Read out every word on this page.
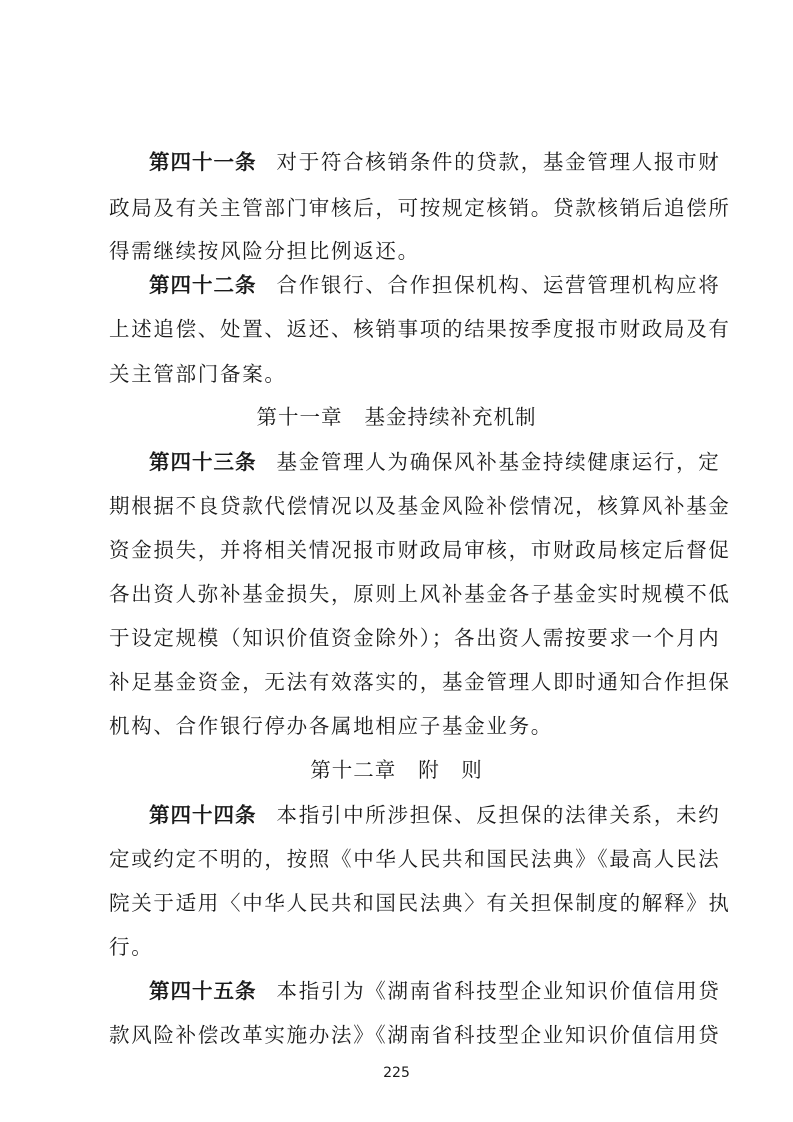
第四十一条 对于符合核销条件的贷款，基金管理人报市财
政局及有关主管部门审核后，可按规定核销。贷款核销后追偿所
得需继续按风险分担比例返还。
第四十二条 合作银行、合作担保机构、运营管理机构应将
上述追偿、处置、返还、核销事项的结果按季度报市财政局及有
关主管部门备案。
第十一章 基金持续补充机制
第四十三条 基金管理人为确保风补基金持续健康运行，定
期根据不良贷款代偿情况以及基金风险补偿情况，核算风补基金
资金损失，并将相关情况报市财政局审核，市财政局核定后督促
各出资人弥补基金损失，原则上风补基金各子基金实时规模不低
于设定规模（知识价值资金除外）；各出资人需按要求一个月内
补足基金资金，无法有效落实的，基金管理人即时通知合作担保
机构、合作银行停办各属地相应子基金业务。
第十二章 附　则
第四十四条 本指引中所涉担保、反担保的法律关系，未约
定或约定不明的，按照《中华人民共和国民法典》《最高人民法
院关于适用〈中华人民共和国民法典〉有关担保制度的解释》执
行。
第四十五条 本指引为《湖南省科技型企业知识价值信用贷
款风险补偿改革实施办法》《湖南省科技型企业知识价值信用贷
225
